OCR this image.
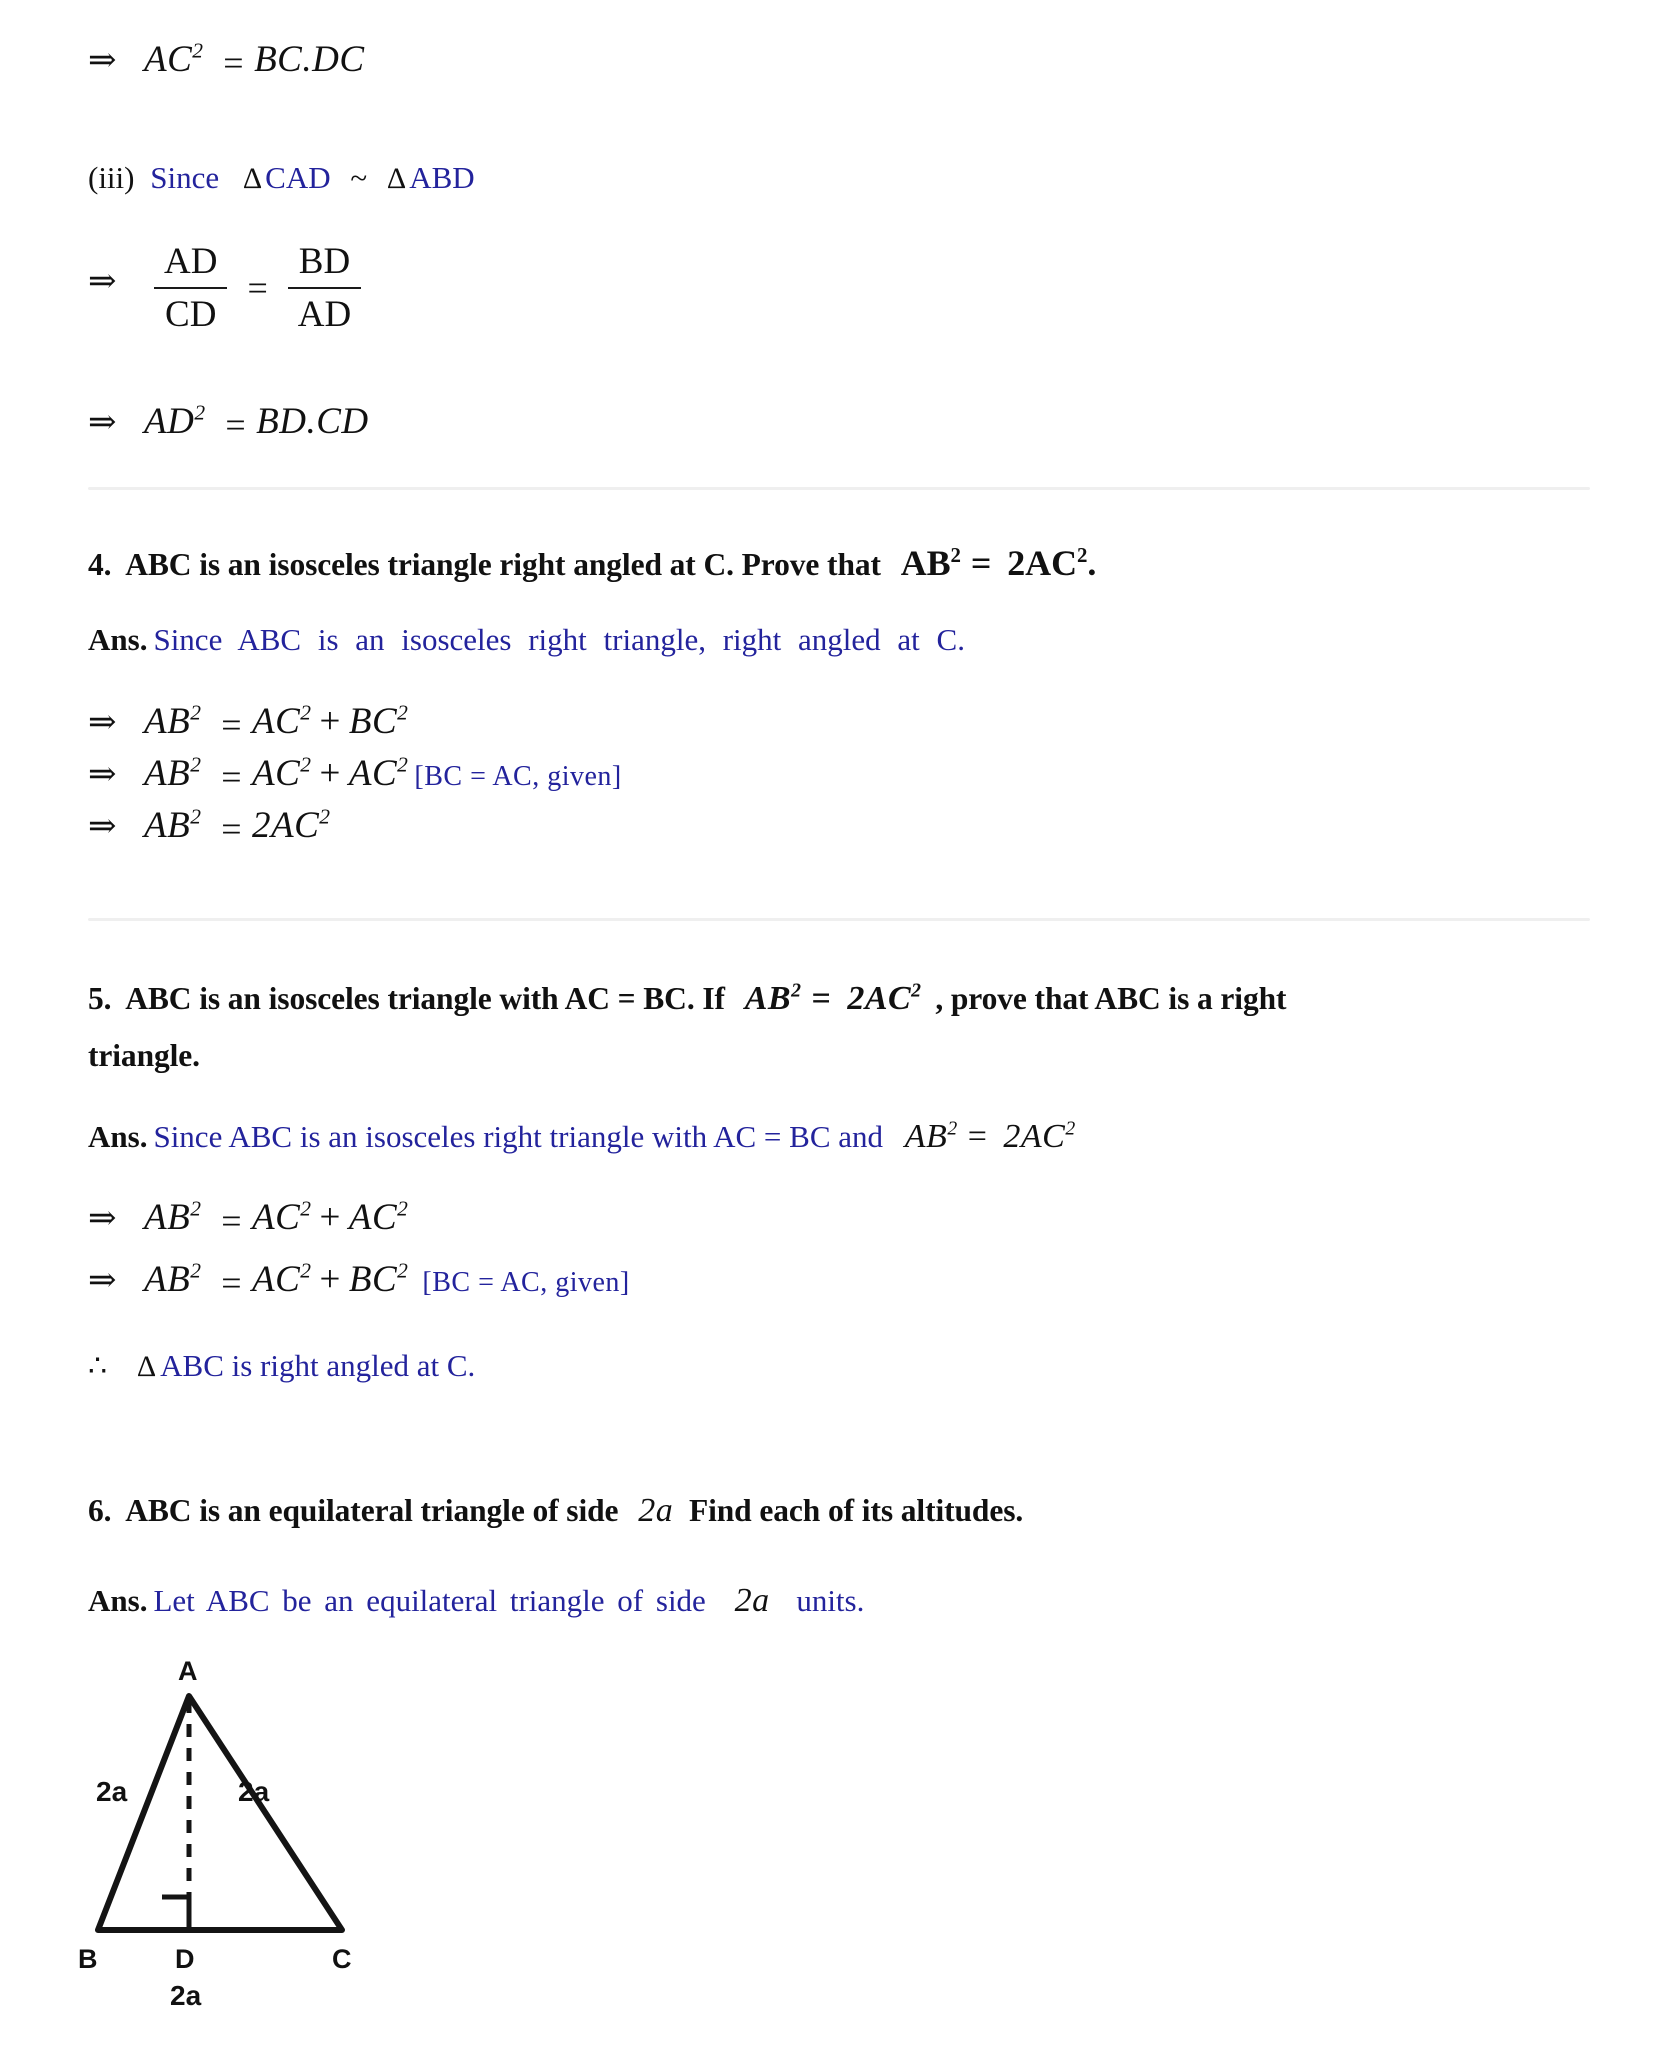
⇒ $AC^2 = BC.DC$
(iii) Since ΔCAD ~ ΔABD
⇒ $\frac{AD}{CD} = \frac{BD}{AD}$
⇒ $AD^2 = BD.CD$
4. ABC is an isosceles triangle right angled at C. Prove that $AB^2 = 2AC^2$.
Ans. Since ABC is an isosceles right triangle, right angled at C.
⇒ $AB^2 = AC^2 + BC^2$
⇒ $AB^2 = AC^2 + AC^2$ [BC = AC, given]
⇒ $AB^2 = 2AC^2$
5. ABC is an isosceles triangle with AC = BC. If $AB^2 = 2AC^2$ , prove that ABC is a right
triangle.
Ans. Since ABC is an isosceles right triangle with AC = BC and $AB^2 = 2AC^2$
⇒ $AB^2 = AC^2 + AC^2$
⇒ $AB^2 = AC^2 + BC^2$ [BC = AC, given]
∴ Δ ABC is right angled at C.
6. ABC is an equilateral triangle of side 2a Find each of its altitudes.
Ans. Let ABC be an equilateral triangle of side 2a units.
A
B	D	C
2a	2a
2a
